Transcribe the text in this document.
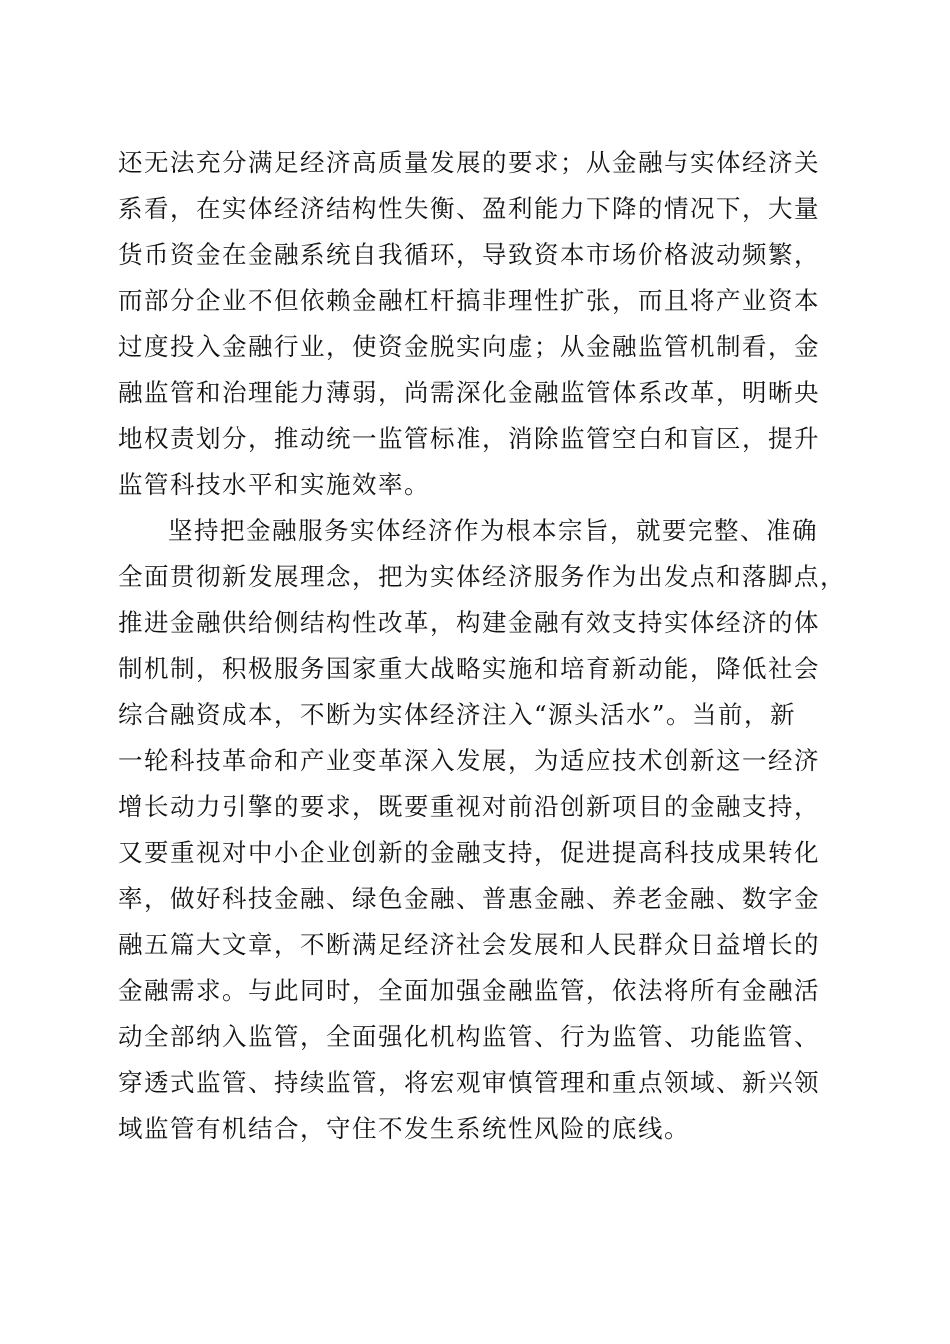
还无法充分满足经济高质量发展的要求；从金融与实体经济关
系看，在实体经济结构性失衡、盈利能力下降的情况下，大量
货币资金在金融系统自我循环，导致资本市场价格波动频繁，
而部分企业不但依赖金融杠杆搞非理性扩张，而且将产业资本
过度投入金融行业，使资金脱实向虚；从金融监管机制看，金
融监管和治理能力薄弱，尚需深化金融监管体系改革，明晰央
地权责划分，推动统一监管标准，消除监管空白和盲区，提升
监管科技水平和实施效率。
坚持把金融服务实体经济作为根本宗旨，就要完整、准确
全面贯彻新发展理念，把为实体经济服务作为出发点和落脚点，
推进金融供给侧结构性改革，构建金融有效支持实体经济的体
制机制，积极服务国家重大战略实施和培育新动能，降低社会
综合融资成本，不断为实体经济注入“源头活水”。当前，新
一轮科技革命和产业变革深入发展，为适应技术创新这一经济
增长动力引擎的要求，既要重视对前沿创新项目的金融支持，
又要重视对中小企业创新的金融支持，促进提高科技成果转化
率，做好科技金融、绿色金融、普惠金融、养老金融、数字金
融五篇大文章，不断满足经济社会发展和人民群众日益增长的
金融需求。与此同时，全面加强金融监管，依法将所有金融活
动全部纳入监管，全面强化机构监管、行为监管、功能监管、
穿透式监管、持续监管，将宏观审慎管理和重点领域、新兴领
域监管有机结合，守住不发生系统性风险的底线。
